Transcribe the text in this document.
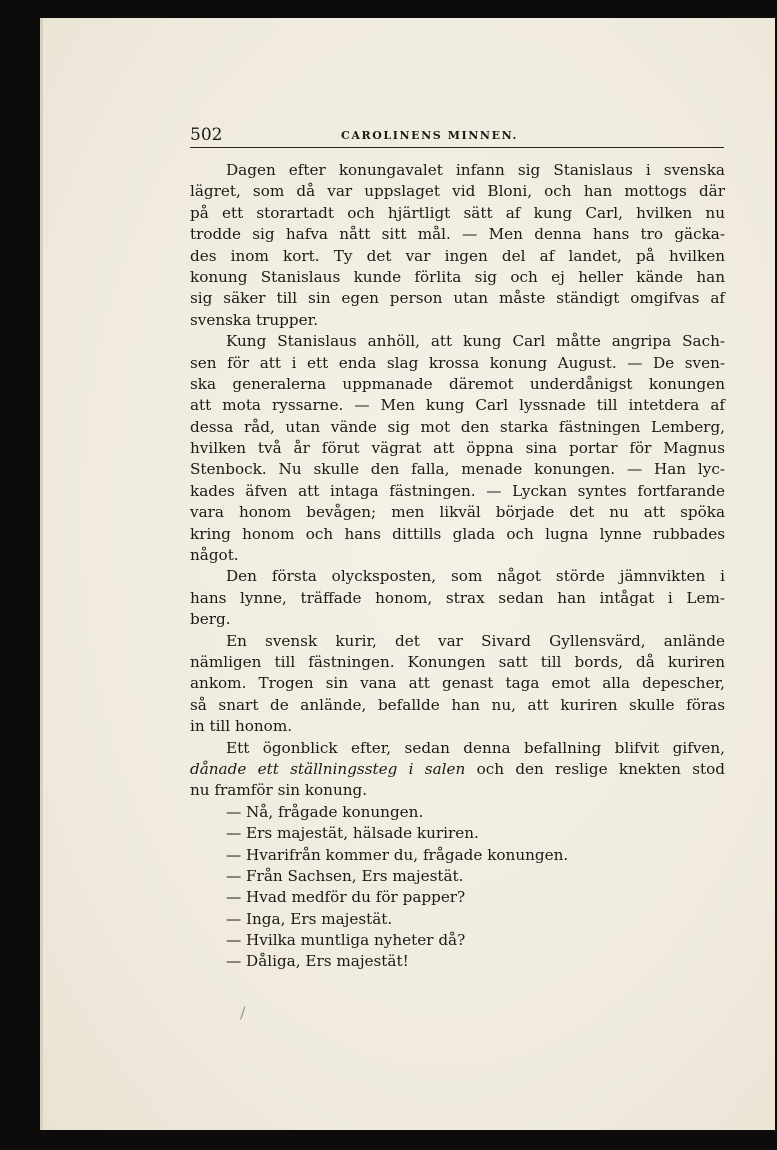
502	CAROLINENS MINNEN.
Dagen efter konungavalet infann sig Stanislaus i svenska
lägret, som då var uppslaget vid Bloni, och han mottogs där
på ett storartadt och hjärtligt sätt af kung Carl, hvilken nu
trodde sig hafva nått sitt mål. — Men denna hans tro gäcka-
des inom kort. Ty det var ingen del af landet, på hvilken
konung Stanislaus kunde förlita sig och ej heller kände han
sig säker till sin egen person utan måste ständigt omgifvas af
svenska trupper.
Kung Stanislaus anhöll, att kung Carl måtte angripa Sach-
sen för att i ett enda slag krossa konung August. — De sven-
ska generalerna uppmanade däremot underdånigst konungen
att mota ryssarne. — Men kung Carl lyssnade till intetdera af
dessa råd, utan vände sig mot den starka fästningen Lemberg,
hvilken två år förut vägrat att öppna sina portar för Magnus
Stenbock. Nu skulle den falla, menade konungen. — Han lyc-
kades äfven att intaga fästningen. — Lyckan syntes fortfarande
vara honom bevågen; men likväl började det nu att spöka
kring honom och hans dittills glada och lugna lynne rubbades
något.
Den första olycksposten, som något störde jämnvikten i
hans lynne, träffade honom, strax sedan han intågat i Lem-
berg.
En svensk kurir, det var Sivard Gyllensvärd, anlände
nämligen till fästningen. Konungen satt till bords, då kuriren
ankom. Trogen sin vana att genast taga emot alla depescher,
så snart de anlände, befallde han nu, att kuriren skulle föras
in till honom.
Ett ögonblick efter, sedan denna befallning blifvit gifven,
dånade ett ställningssteg i salen och den reslige knekten stod
nu framför sin konung.
— Nå, frågade konungen.
— Ers majestät, hälsade kuriren.
— Hvarifrån kommer du, frågade konungen.
— Från Sachsen, Ers majestät.
— Hvad medför du för papper?
— Inga, Ers majestät.
— Hvilka muntliga nyheter då?
— Dåliga, Ers majestät!
/
